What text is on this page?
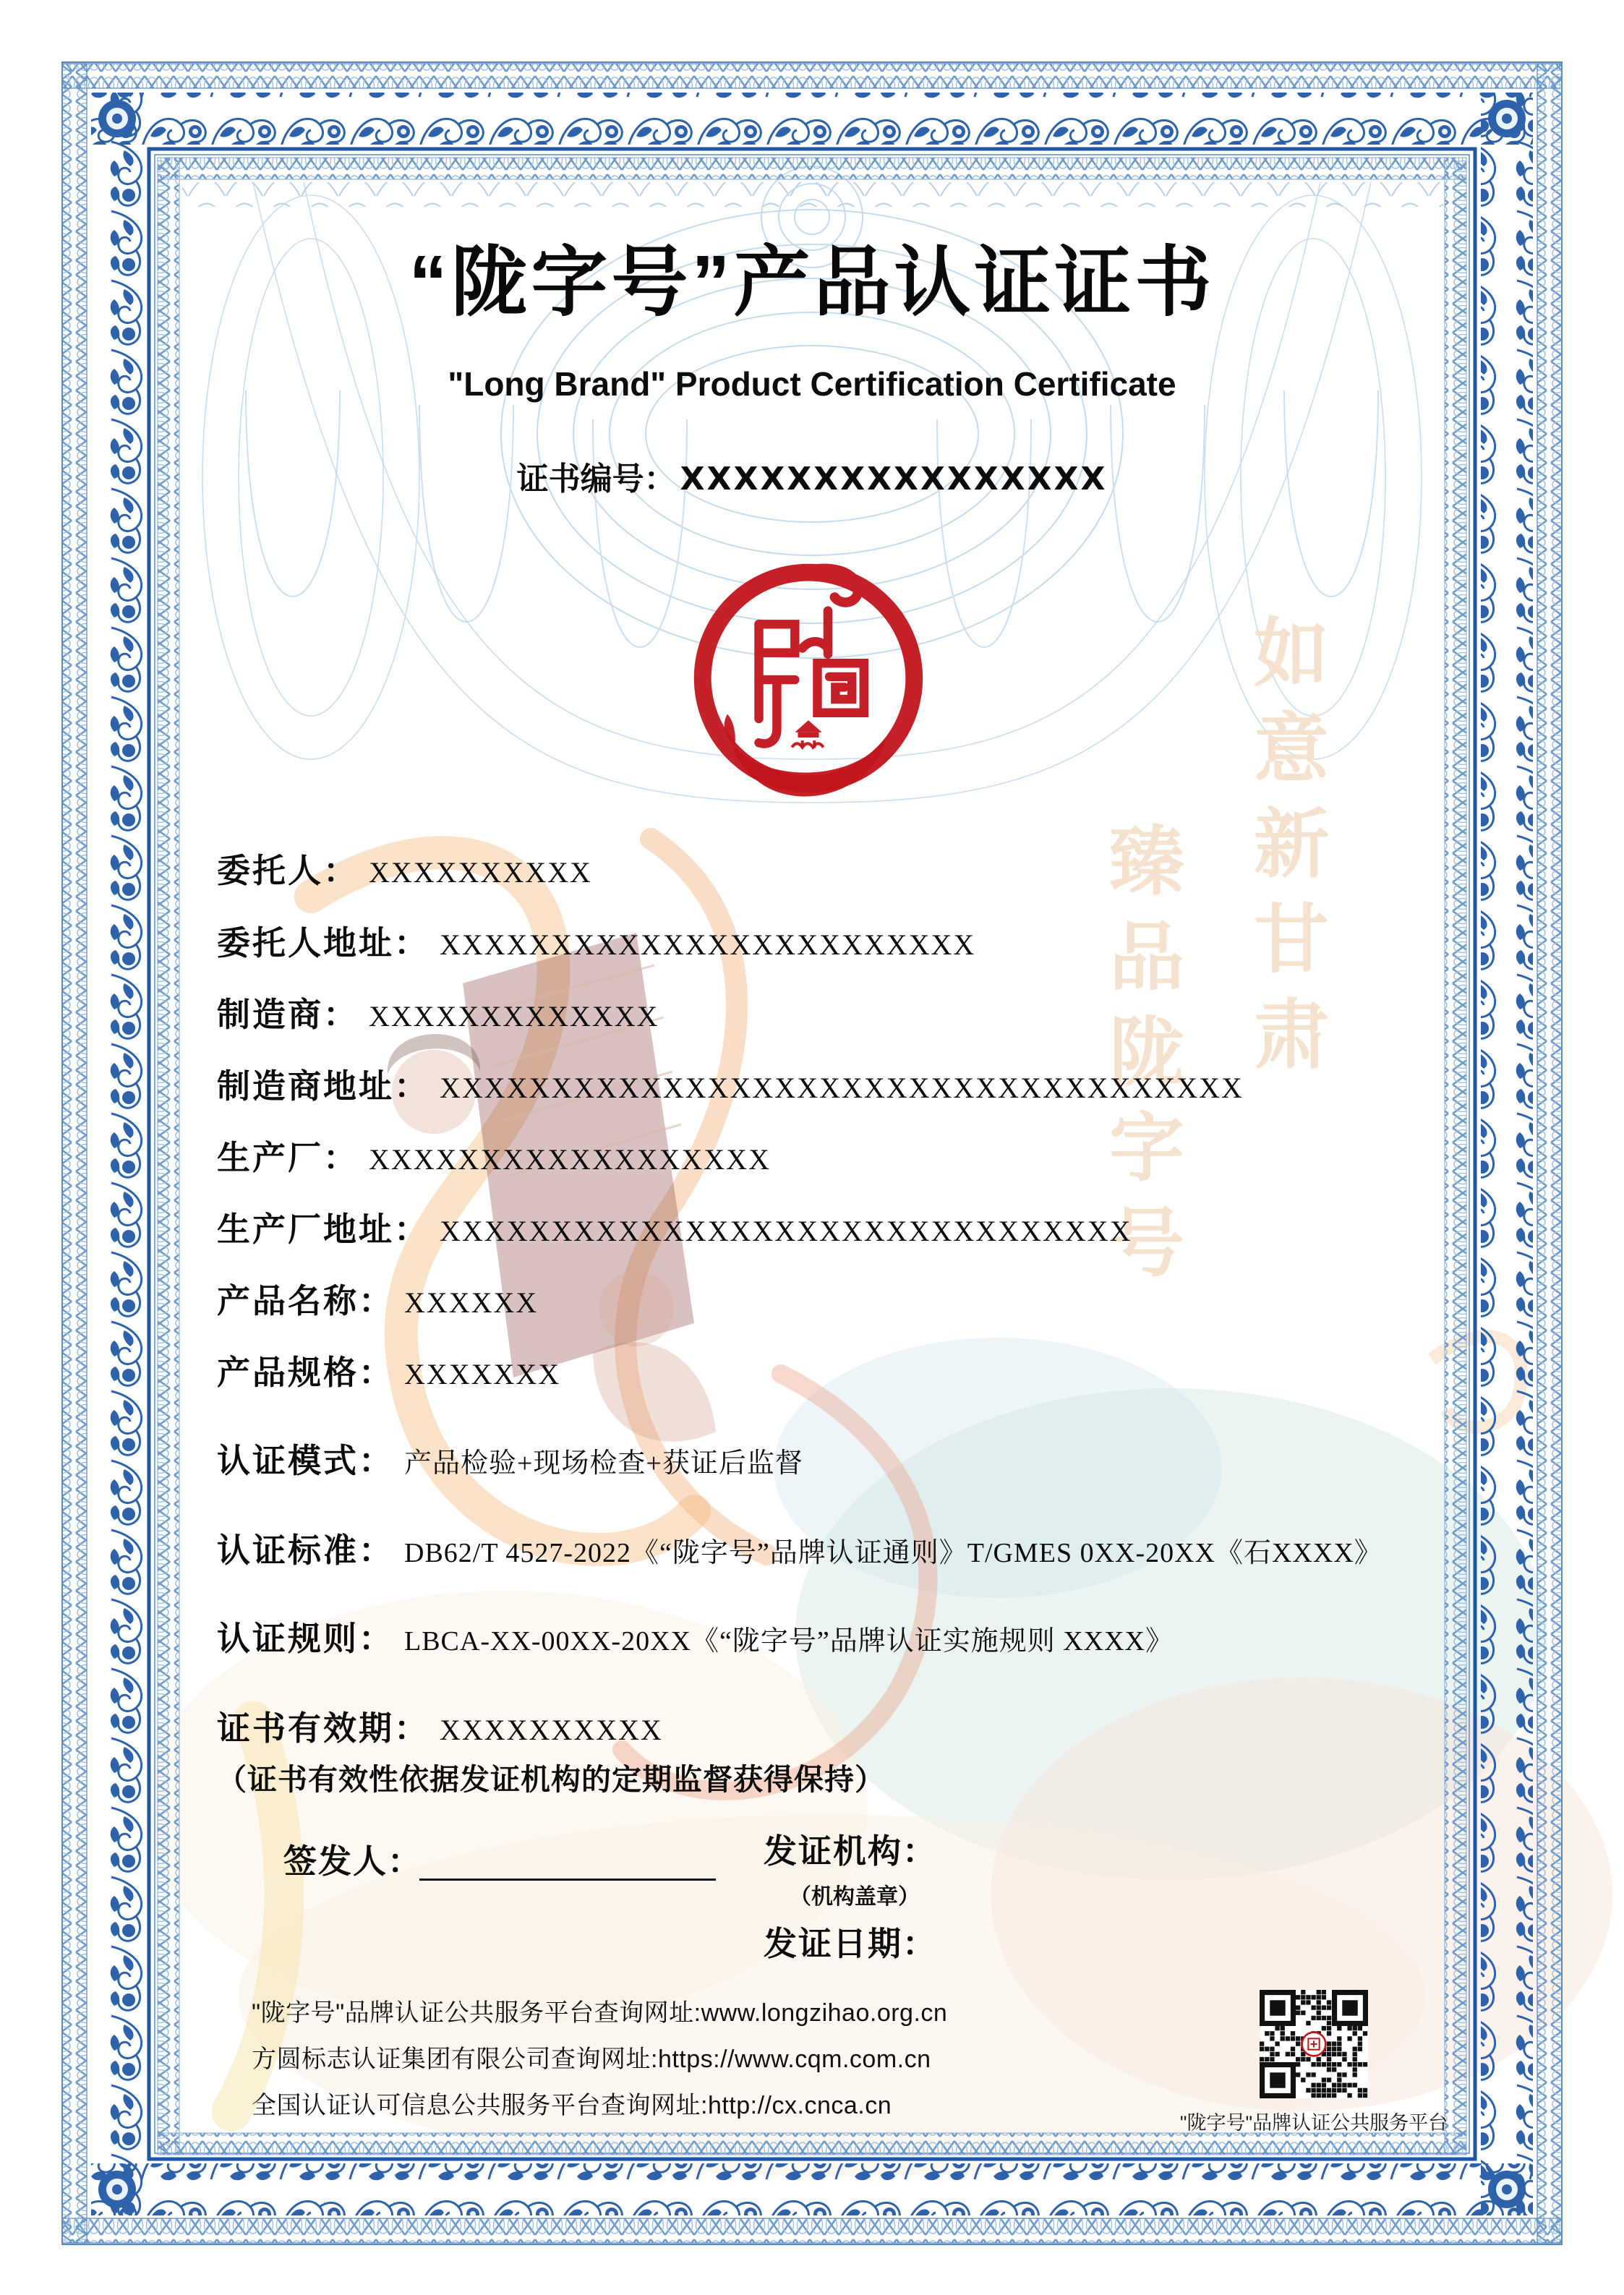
如意新甘肃
臻品陇字号
“陇字号”产品认证证书
"Long Brand" Product Certification Certificate
证书编号： XXXXXXXXXXXXXXXX
委托人： XXXXXXXXXX
委托人地址： XXXXXXXXXXXXXXXXXXXXXXXX
制造商： XXXXXXXXXXXXX
制造商地址： XXXXXXXXXXXXXXXXXXXXXXXXXXXXXXXXXXXX
生产厂： XXXXXXXXXXXXXXXXXX
生产厂地址： XXXXXXXXXXXXXXXXXXXXXXXXXXXXXXX
产品名称： XXXXXX
产品规格： XXXXXXX
认证模式： 产品检验+现场检查+获证后监督
认证标准： DB62/T 4527-2022《“陇字号”品牌认证通则》T/GMES 0XX-20XX《石XXXX》
认证规则： LBCA-XX-00XX-20XX《“陇字号”品牌认证实施规则 XXXX》
证书有效期： XXXXXXXXXX
（证书有效性依据发证机构的定期监督获得保持）
签发人：	发证机构：
（机构盖章）
发证日期：
"陇字号"品牌认证公共服务平台查询网址:www.longzihao.org.cn
方圆标志认证集团有限公司查询网址:https://www.cqm.com.cn
全国认证认可信息公共服务平台查询网址:http://cx.cnca.cn
"陇字号"品牌认证公共服务平台
